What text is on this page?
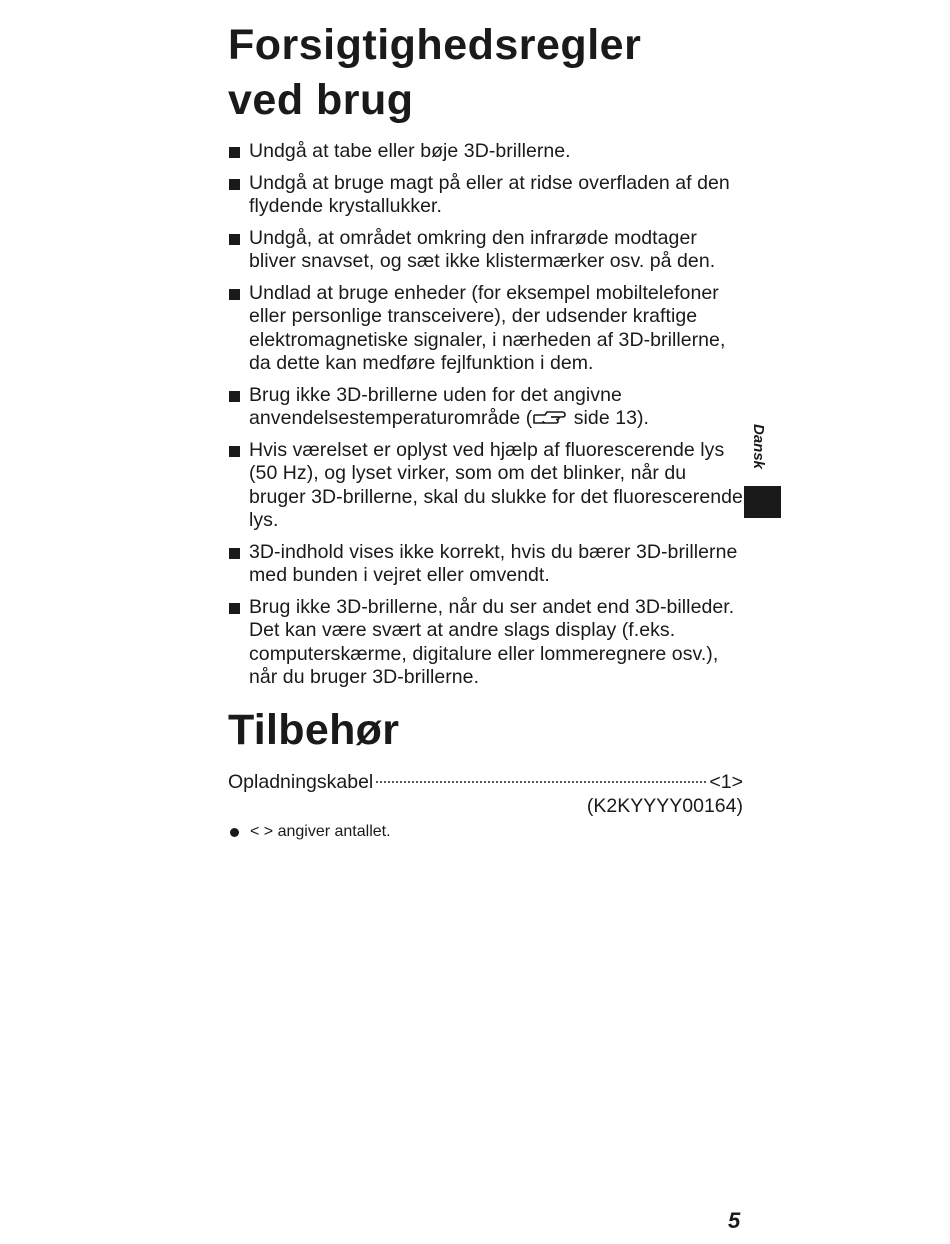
Forsigtighedsregler
ved brug
Undgå at tabe eller bøje 3D-brillerne.
Undgå at bruge magt på eller at ridse overfladen af den flydende krystallukker.
Undgå, at området omkring den infrarøde modtager bliver snavset, og sæt ikke klistermærker osv. på den.
Undlad at bruge enheder (for eksempel mobiltelefoner eller personlige transceivere), der udsender kraftige elektromagnetiske signaler, i nærheden af 3D-brillerne, da dette kan medføre fejlfunktion i dem.
Brug ikke 3D-brillerne uden for det angivne anvendelsestemperaturområde ( side 13).
Hvis værelset er oplyst ved hjælp af fluorescerende lys (50 Hz), og lyset virker, som om det blinker, når du bruger 3D-brillerne, skal du slukke for det fluorescerende lys.
3D-indhold vises ikke korrekt, hvis du bærer 3D-brillerne med bunden i vejret eller omvendt.
Brug ikke 3D-brillerne, når du ser andet end 3D-billeder. Det kan være svært at andre slags display (f.eks. computerskærme, digitalure eller lommeregnere osv.), når du bruger 3D-brillerne.
Tilbehør
Opladningskabel	<1>
(K2KYYYY00164)
< > angiver antallet.
Dansk
5
